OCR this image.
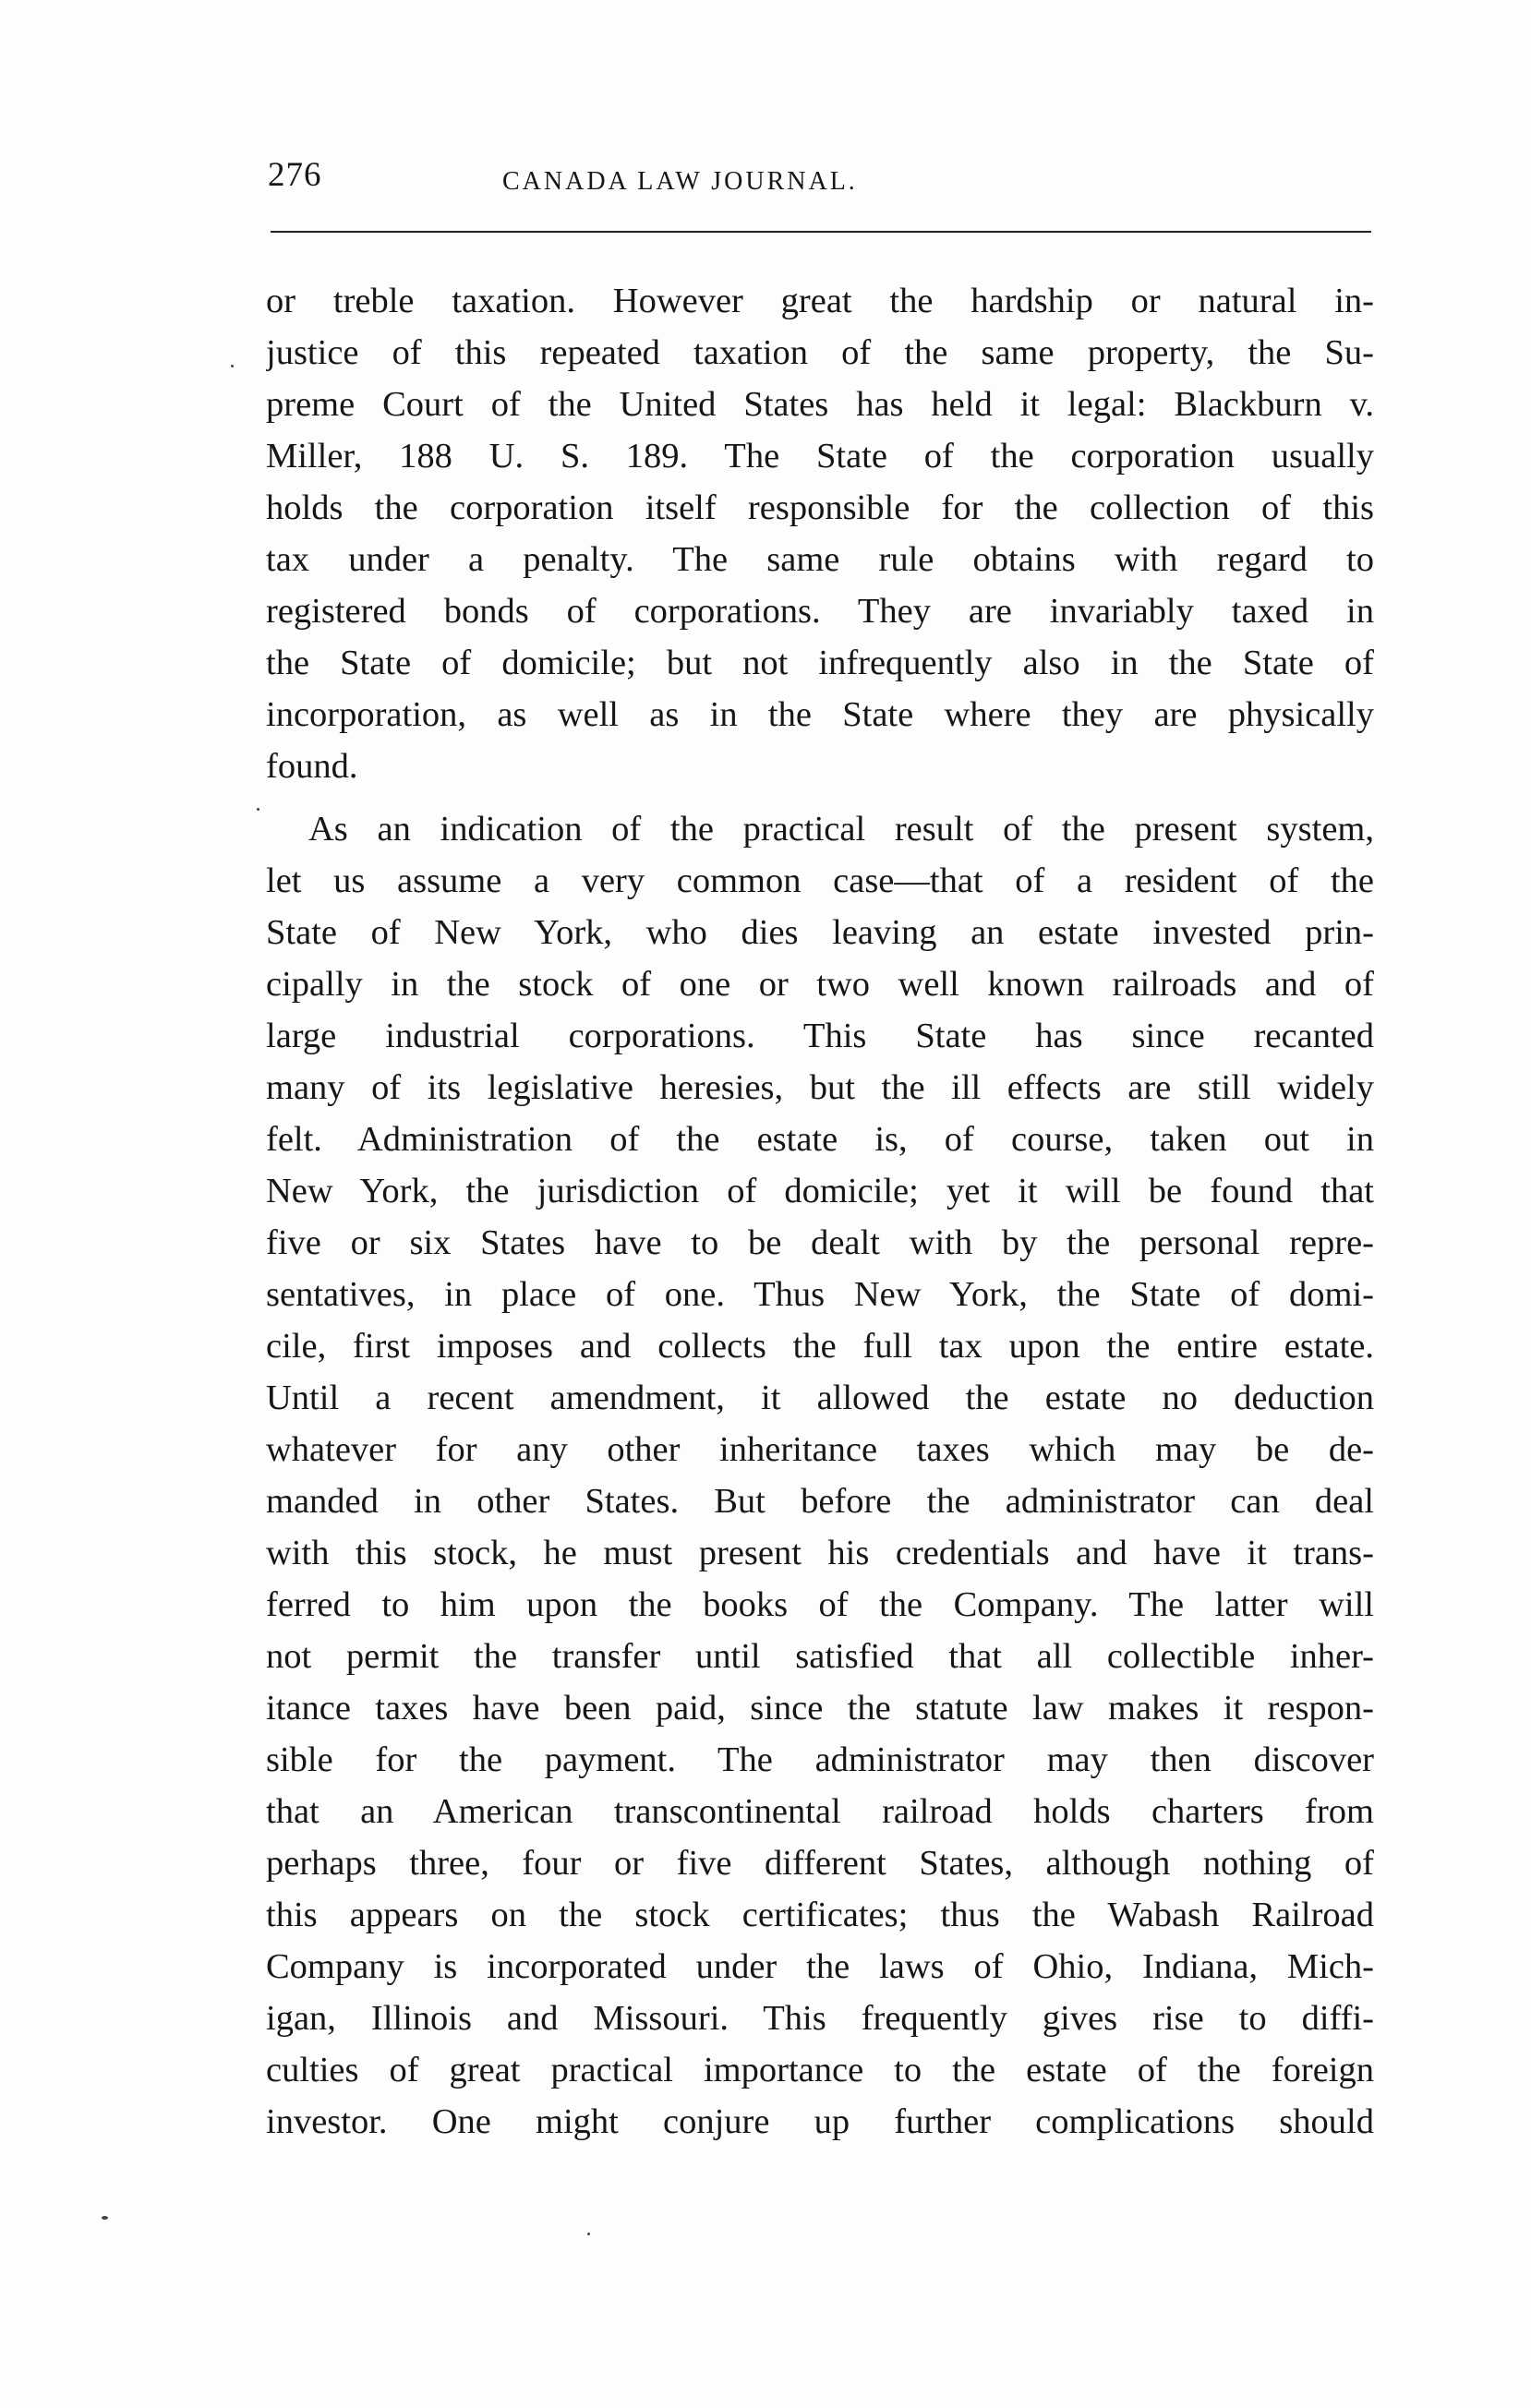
276	CANADA LAW JOURNAL.

or treble taxation. However great the hardship or natural in-
justice of this repeated taxation of the same property, the Su-
preme Court of the United States has held it legal: Blackburn v.
Miller, 188 U. S. 189. The State of the corporation usually
holds the corporation itself responsible for the collection of this
tax under a penalty. The same rule obtains with regard to
registered bonds of corporations. They are invariably taxed in
the State of domicile; but not infrequently also in the State of
incorporation, as well as in the State where they are physically
found.

As an indication of the practical result of the present system,
let us assume a very common case—that of a resident of the
State of New York, who dies leaving an estate invested prin-
cipally in the stock of one or two well known railroads and of
large industrial corporations. This State has since recanted
many of its legislative heresies, but the ill effects are still widely
felt. Administration of the estate is, of course, taken out in
New York, the jurisdiction of domicile; yet it will be found that
five or six States have to be dealt with by the personal repre-
sentatives, in place of one. Thus New York, the State of domi-
cile, first imposes and collects the full tax upon the entire estate.
Until a recent amendment, it allowed the estate no deduction
whatever for any other inheritance taxes which may be de-
manded in other States. But before the administrator can deal
with this stock, he must present his credentials and have it trans-
ferred to him upon the books of the Company. The latter will
not permit the transfer until satisfied that all collectible inher-
itance taxes have been paid, since the statute law makes it respon-
sible for the payment. The administrator may then discover
that an American transcontinental railroad holds charters from
perhaps three, four or five different States, although nothing of
this appears on the stock certificates; thus the Wabash Railroad
Company is incorporated under the laws of Ohio, Indiana, Mich-
igan, Illinois and Missouri. This frequently gives rise to diffi-
culties of great practical importance to the estate of the foreign
investor. One might conjure up further complications should
